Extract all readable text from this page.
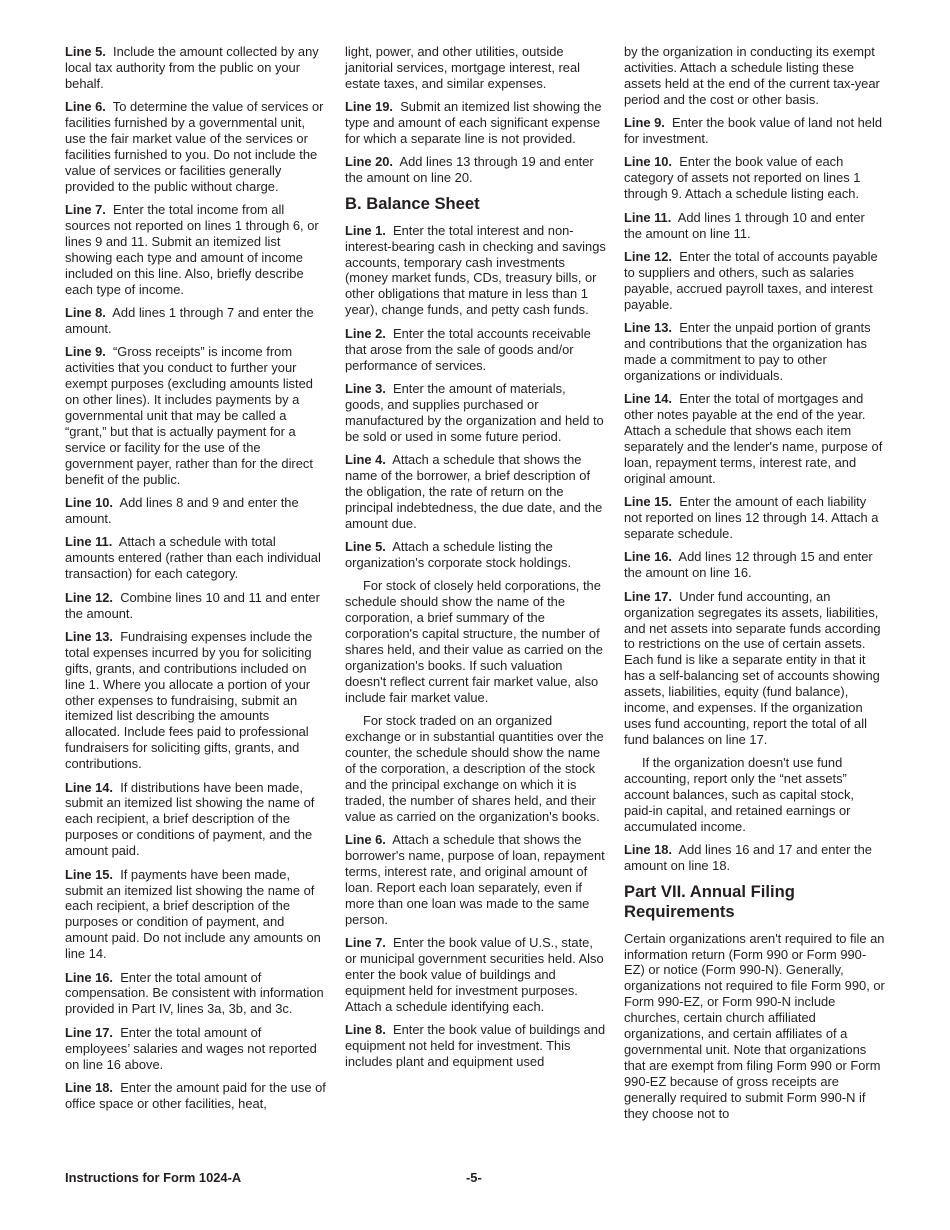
Line 5. Include the amount collected by any local tax authority from the public on your behalf.

Line 6. To determine the value of services or facilities furnished by a governmental unit, use the fair market value of the services or facilities furnished to you. Do not include the value of services or facilities generally provided to the public without charge.

Line 7. Enter the total income from all sources not reported on lines 1 through 6, or lines 9 and 11. Submit an itemized list showing each type and amount of income included on this line. Also, briefly describe each type of income.

Line 8. Add lines 1 through 7 and enter the amount.

Line 9. “Gross receipts” is income from activities that you conduct to further your exempt purposes (excluding amounts listed on other lines). It includes payments by a governmental unit that may be called a “grant,” but that is actually payment for a service or facility for the use of the government payer, rather than for the direct benefit of the public.

Line 10. Add lines 8 and 9 and enter the amount.

Line 11. Attach a schedule with total amounts entered (rather than each individual transaction) for each category.

Line 12. Combine lines 10 and 11 and enter the amount.

Line 13. Fundraising expenses include the total expenses incurred by you for soliciting gifts, grants, and contributions included on line 1. Where you allocate a portion of your other expenses to fundraising, submit an itemized list describing the amounts allocated. Include fees paid to professional fundraisers for soliciting gifts, grants, and contributions.

Line 14. If distributions have been made, submit an itemized list showing the name of each recipient, a brief description of the purposes or conditions of payment, and the amount paid.

Line 15. If payments have been made, submit an itemized list showing the name of each recipient, a brief description of the purposes or condition of payment, and amount paid. Do not include any amounts on line 14.

Line 16. Enter the total amount of compensation. Be consistent with information provided in Part IV, lines 3a, 3b, and 3c.

Line 17. Enter the total amount of employees’ salaries and wages not reported on line 16 above.

Line 18. Enter the amount paid for the use of office space or other facilities, heat,

light, power, and other utilities, outside janitorial services, mortgage interest, real estate taxes, and similar expenses.

Line 19. Submit an itemized list showing the type and amount of each significant expense for which a separate line is not provided.

Line 20. Add lines 13 through 19 and enter the amount on line 20.

B. Balance Sheet

Line 1. Enter the total interest and non-interest-bearing cash in checking and savings accounts, temporary cash investments (money market funds, CDs, treasury bills, or other obligations that mature in less than 1 year), change funds, and petty cash funds.

Line 2. Enter the total accounts receivable that arose from the sale of goods and/or performance of services.

Line 3. Enter the amount of materials, goods, and supplies purchased or manufactured by the organization and held to be sold or used in some future period.

Line 4. Attach a schedule that shows the name of the borrower, a brief description of the obligation, the rate of return on the principal indebtedness, the due date, and the amount due.

Line 5. Attach a schedule listing the organization's corporate stock holdings.

For stock of closely held corporations, the schedule should show the name of the corporation, a brief summary of the corporation's capital structure, the number of shares held, and their value as carried on the organization's books. If such valuation doesn't reflect current fair market value, also include fair market value.

For stock traded on an organized exchange or in substantial quantities over the counter, the schedule should show the name of the corporation, a description of the stock and the principal exchange on which it is traded, the number of shares held, and their value as carried on the organization's books.

Line 6. Attach a schedule that shows the borrower's name, purpose of loan, repayment terms, interest rate, and original amount of loan. Report each loan separately, even if more than one loan was made to the same person.

Line 7. Enter the book value of U.S., state, or municipal government securities held. Also enter the book value of buildings and equipment held for investment purposes. Attach a schedule identifying each.

Line 8. Enter the book value of buildings and equipment not held for investment. This includes plant and equipment used

by the organization in conducting its exempt activities. Attach a schedule listing these assets held at the end of the current tax-year period and the cost or other basis.

Line 9. Enter the book value of land not held for investment.

Line 10. Enter the book value of each category of assets not reported on lines 1 through 9. Attach a schedule listing each.

Line 11. Add lines 1 through 10 and enter the amount on line 11.

Line 12. Enter the total of accounts payable to suppliers and others, such as salaries payable, accrued payroll taxes, and interest payable.

Line 13. Enter the unpaid portion of grants and contributions that the organization has made a commitment to pay to other organizations or individuals.

Line 14. Enter the total of mortgages and other notes payable at the end of the year. Attach a schedule that shows each item separately and the lender's name, purpose of loan, repayment terms, interest rate, and original amount.

Line 15. Enter the amount of each liability not reported on lines 12 through 14. Attach a separate schedule.

Line 16. Add lines 12 through 15 and enter the amount on line 16.

Line 17. Under fund accounting, an organization segregates its assets, liabilities, and net assets into separate funds according to restrictions on the use of certain assets. Each fund is like a separate entity in that it has a self-balancing set of accounts showing assets, liabilities, equity (fund balance), income, and expenses. If the organization uses fund accounting, report the total of all fund balances on line 17.

If the organization doesn't use fund accounting, report only the “net assets” account balances, such as capital stock, paid-in capital, and retained earnings or accumulated income.

Line 18. Add lines 16 and 17 and enter the amount on line 18.

Part VII. Annual Filing Requirements

Certain organizations aren't required to file an information return (Form 990 or Form 990-EZ) or notice (Form 990-N). Generally, organizations not required to file Form 990, or Form 990-EZ, or Form 990-N include churches, certain church affiliated organizations, and certain affiliates of a governmental unit. Note that organizations that are exempt from filing Form 990 or Form 990-EZ because of gross receipts are generally required to submit Form 990-N if they choose not to

Instructions for Form 1024-A	-5-
